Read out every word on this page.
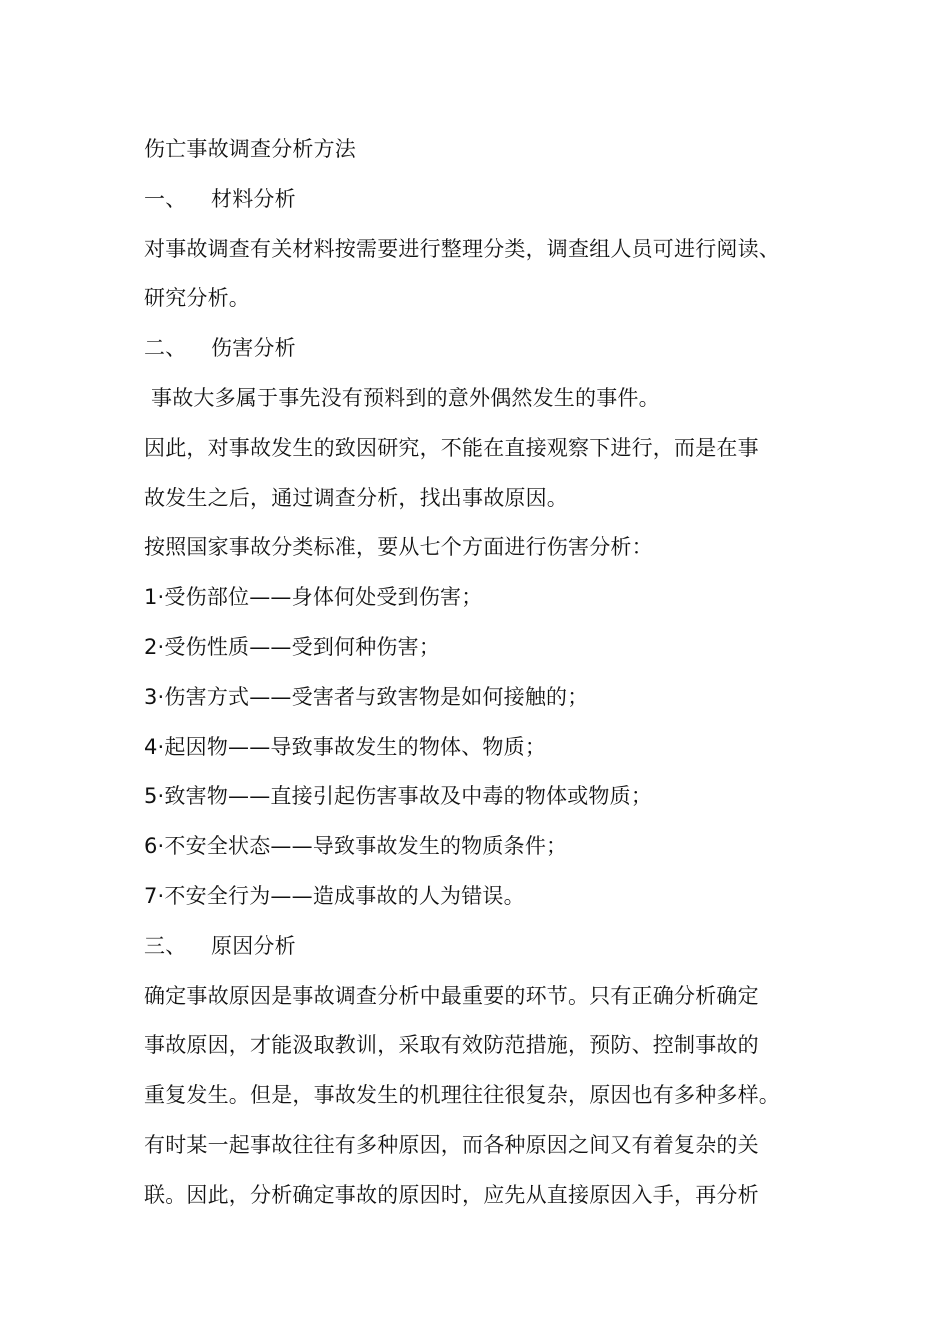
伤亡事故调查分析方法
一、 材料分析
对事故调查有关材料按需要进行整理分类，调查组人员可进行阅读、
研究分析。
二、 伤害分析
事故大多属于事先没有预料到的意外偶然发生的事件。
因此，对事故发生的致因研究，不能在直接观察下进行，而是在事
故发生之后，通过调查分析，找出事故原因。
按照国家事故分类标准，要从七个方面进行伤害分析：
1·受伤部位——身体何处受到伤害；
2·受伤性质——受到何种伤害；
3·伤害方式——受害者与致害物是如何接触的；
4·起因物——导致事故发生的物体、物质；
5·致害物——直接引起伤害事故及中毒的物体或物质；
6·不安全状态——导致事故发生的物质条件；
7·不安全行为——造成事故的人为错误。
三、 原因分析
确定事故原因是事故调查分析中最重要的环节。只有正确分析确定
事故原因，才能汲取教训，采取有效防范措施，预防、控制事故的
重复发生。但是，事故发生的机理往往很复杂，原因也有多种多样。
有时某一起事故往往有多种原因，而各种原因之间又有着复杂的关
联。因此，分析确定事故的原因时，应先从直接原因入手，再分析
